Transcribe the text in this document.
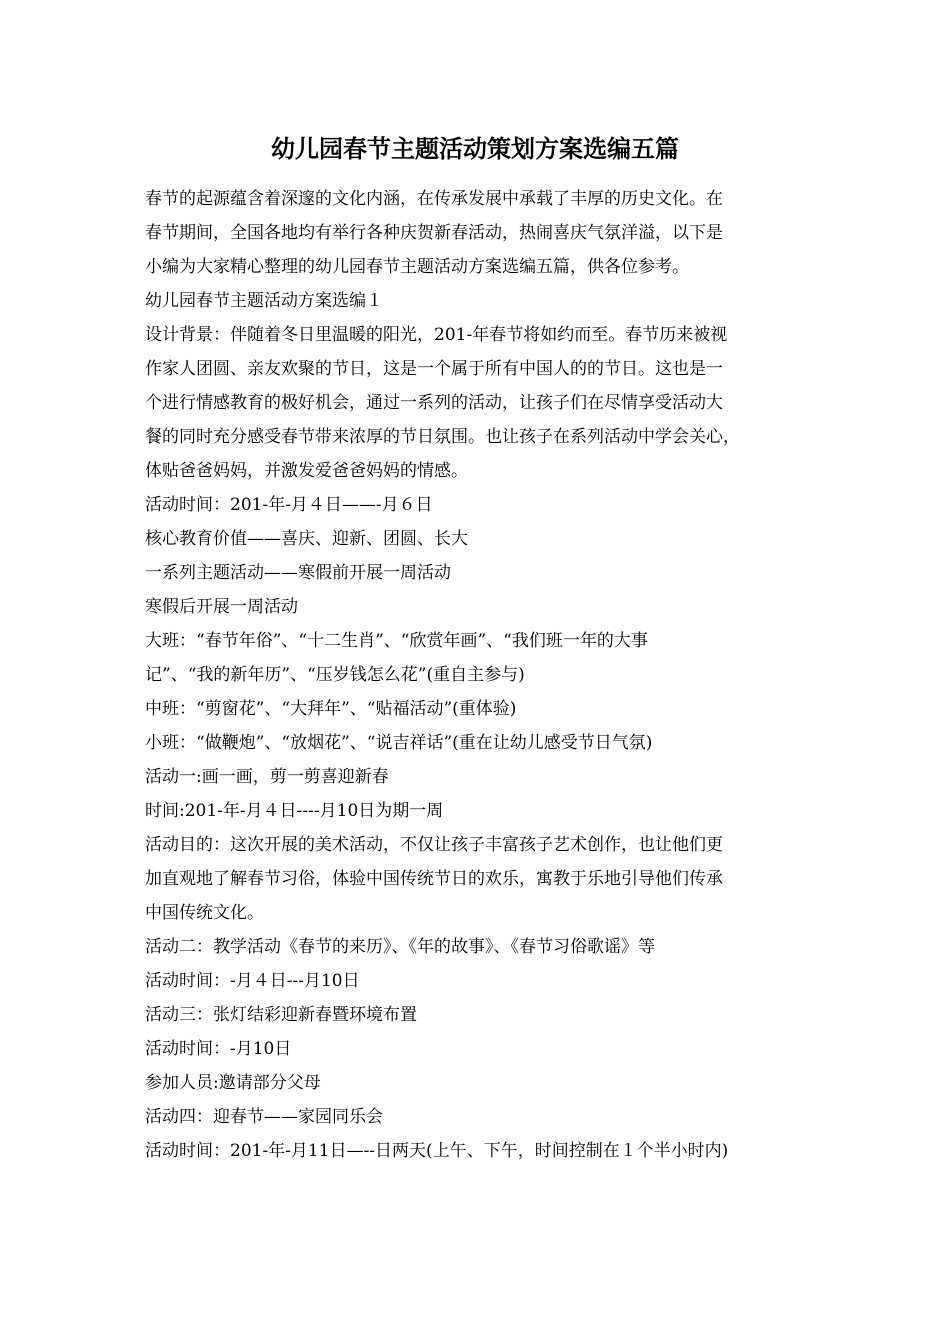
幼儿园春节主题活动策划方案选编五篇

春节的起源蕴含着深邃的文化内涵，在传承发展中承载了丰厚的历史文化。在

春节期间，全国各地均有举行各种庆贺新春活动，热闹喜庆气氛洋溢，以下是

小编为大家精心整理的幼儿园春节主题活动方案选编五篇，供各位参考。

幼儿园春节主题活动方案选编１

设计背景：伴随着冬日里温暖的阳光，201-年春节将如约而至。春节历来被视

作家人团圆、亲友欢聚的节日，这是一个属于所有中国人的的节日。这也是一

个进行情感教育的极好机会，通过一系列的活动，让孩子们在尽情享受活动大

餐的同时充分感受春节带来浓厚的节日氛围。也让孩子在系列活动中学会关心，

体贴爸爸妈妈，并激发爱爸爸妈妈的情感。

活动时间：201-年-月４日——-月６日

核心教育价值——喜庆、迎新、团圆、长大

一系列主题活动——寒假前开展一周活动

寒假后开展一周活动

大班：“春节年俗”、“十二生肖”、“欣赏年画”、“我们班一年的大事

记”、“我的新年历”、“压岁钱怎么花”(重自主参与)

中班：“剪窗花”、“大拜年”、“贴福活动”(重体验)

小班：“做鞭炮”、“放烟花”、“说吉祥话”(重在让幼儿感受节日气氛)

活动一:画一画，剪一剪喜迎新春

时间:201-年-月４日----月10日为期一周

活动目的：这次开展的美术活动，不仅让孩子丰富孩子艺术创作，也让他们更

加直观地了解春节习俗，体验中国传统节日的欢乐，寓教于乐地引导他们传承

中国传统文化。

活动二：教学活动《春节的来历》、《年的故事》、《春节习俗歌谣》等

活动时间：-月４日---月10日

活动三：张灯结彩迎新春暨环境布置

活动时间：-月10日

参加人员:邀请部分父母

活动四：迎春节——家园同乐会

活动时间：201-年-月11日—--日两天(上午、下午，时间控制在１个半小时内)
